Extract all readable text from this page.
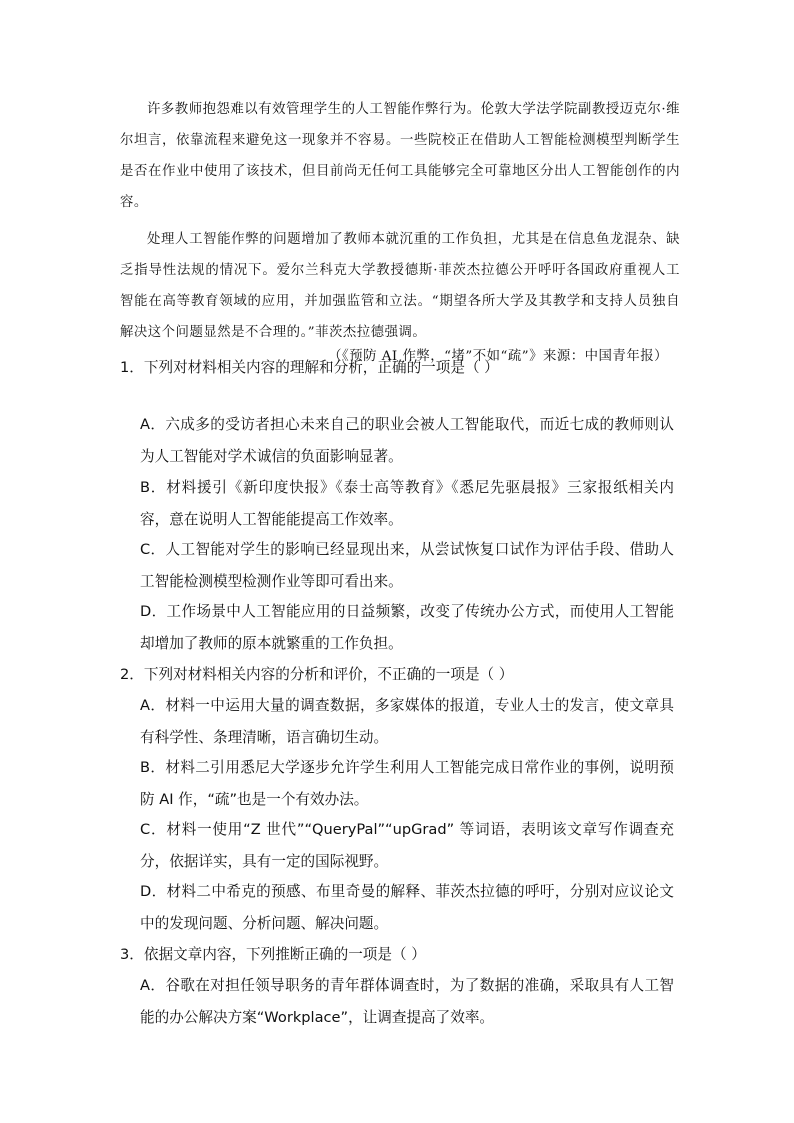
许多教师抱怨难以有效管理学生的人工智能作弊行为。伦敦大学法学院副教授迈克尔·维尔坦言，依靠流程来避免这一现象并不容易。一些院校正在借助人工智能检测模型判断学生是否在作业中使用了该技术，但目前尚无任何工具能够完全可靠地区分出人工智能创作的内容。

处理人工智能作弊的问题增加了教师本就沉重的工作负担，尤其是在信息鱼龙混杂、缺乏指导性法规的情况下。爱尔兰科克大学教授德斯·菲茨杰拉德公开呼吁各国政府重视人工智能在高等教育领域的应用，并加强监管和立法。“期望各所大学及其教学和支持人员独自解决这个问题显然是不合理的。”菲茨杰拉德强调。

（《预防 AI 作弊，“堵”不如“疏”》来源：中国青年报）

1．下列对材料相关内容的理解和分析，正确的一项是（ ）

A．六成多的受访者担心未来自己的职业会被人工智能取代，而近七成的教师则认为人工智能对学术诚信的负面影响显著。

B．材料援引《新印度快报》《泰士高等教育》《悉尼先驱晨报》三家报纸相关内容，意在说明人工智能能提高工作效率。

C．人工智能对学生的影响已经显现出来，从尝试恢复口试作为评估手段、借助人工智能检测模型检测作业等即可看出来。

D．工作场景中人工智能应用的日益频繁，改变了传统办公方式，而使用人工智能却增加了教师的原本就繁重的工作负担。

2．下列对材料相关内容的分析和评价，不正确的一项是（ ）

A．材料一中运用大量的调查数据，多家媒体的报道，专业人士的发言，使文章具有科学性、条理清晰，语言确切生动。

B．材料二引用悉尼大学逐步允许学生利用人工智能完成日常作业的事例，说明预防 AI 作，“疏”也是一个有效办法。

C．材料一使用“Z 世代”“QueryPal”“upGrad” 等词语，表明该文章写作调查充分，依据详实，具有一定的国际视野。

D．材料二中希克的预感、布里奇曼的解释、菲茨杰拉德的呼吁，分别对应议论文中的发现问题、分析问题、解决问题。

3．依据文章内容，下列推断正确的一项是（ ）

A．谷歌在对担任领导职务的青年群体调查时，为了数据的准确，采取具有人工智能的办公解决方案“Workplace”，让调查提高了效率。
